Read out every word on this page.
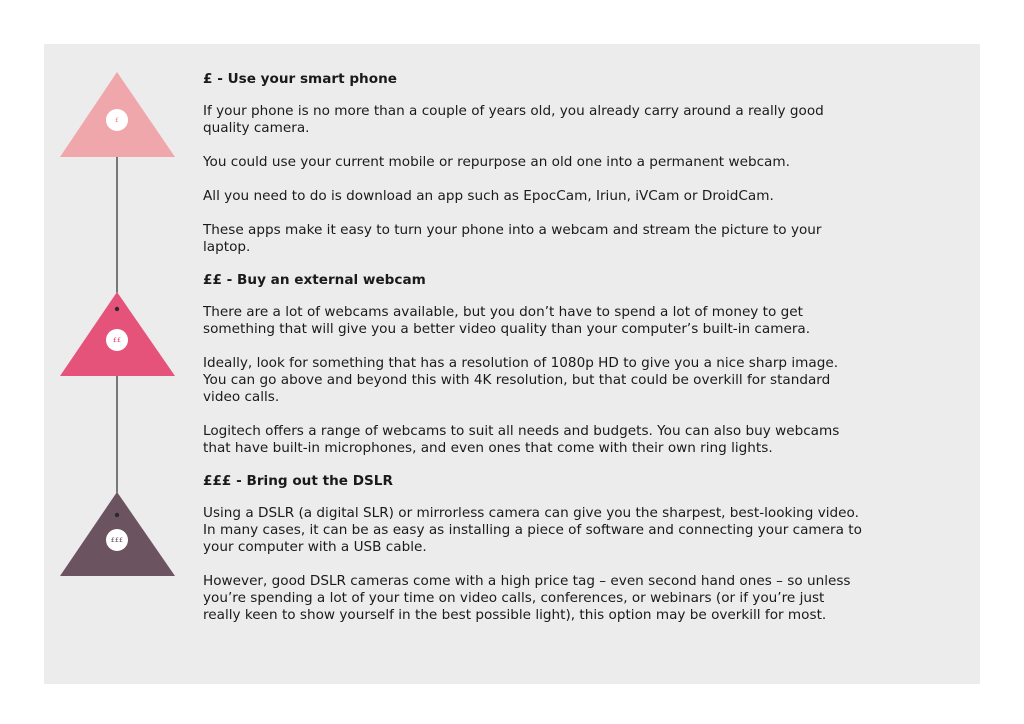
£
££
£££
£ - Use your smart phone
If your phone is no more than a couple of years old, you already carry around a really good quality camera.
You could use your current mobile or repurpose an old one into a permanent webcam.
All you need to do is download an app such as EpocCam, Iriun, iVCam or DroidCam.
These apps make it easy to turn your phone into a webcam and stream the picture to your laptop.
££ - Buy an external webcam
There are a lot of webcams available, but you don’t have to spend a lot of money to get something that will give you a better video quality than your computer’s built-in camera.
Ideally, look for something that has a resolution of 1080p HD to give you a nice sharp image. You can go above and beyond this with 4K resolution, but that could be overkill for standard video calls.
Logitech offers a range of webcams to suit all needs and budgets. You can also buy webcams that have built-in microphones, and even ones that come with their own ring lights.
£££ - Bring out the DSLR
Using a DSLR (a digital SLR) or mirrorless camera can give you the sharpest, best-looking video. In many cases, it can be as easy as installing a piece of software and connecting your camera to your computer with a USB cable.
However, good DSLR cameras come with a high price tag – even second hand ones – so unless you’re spending a lot of your time on video calls, conferences, or webinars (or if you’re just really keen to show yourself in the best possible light), this option may be overkill for most.
